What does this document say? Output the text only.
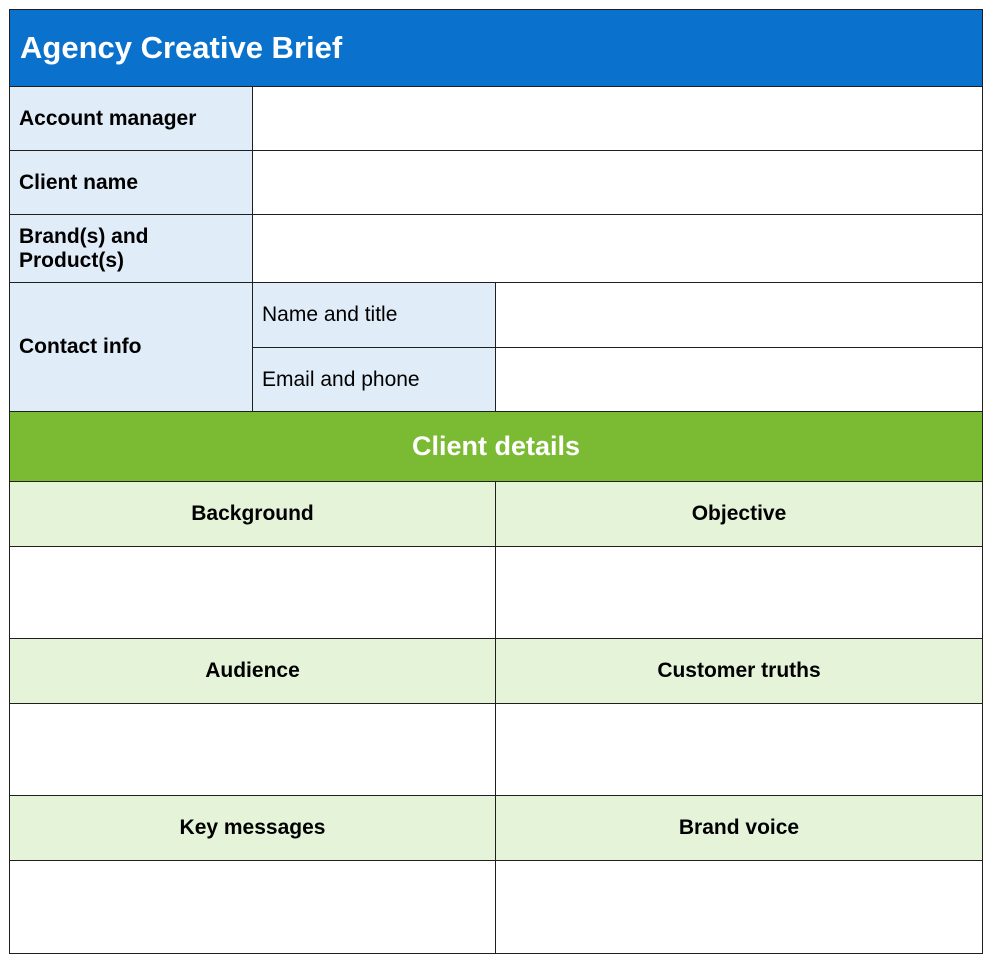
Agency Creative Brief		
Account manager		
Client name		

Brand(s) and Product(s)		

Contact info	Name and title	
	Email and phone	
Client details		
Background		Objective

Audience		Customer truths

Key messages		Brand voice
